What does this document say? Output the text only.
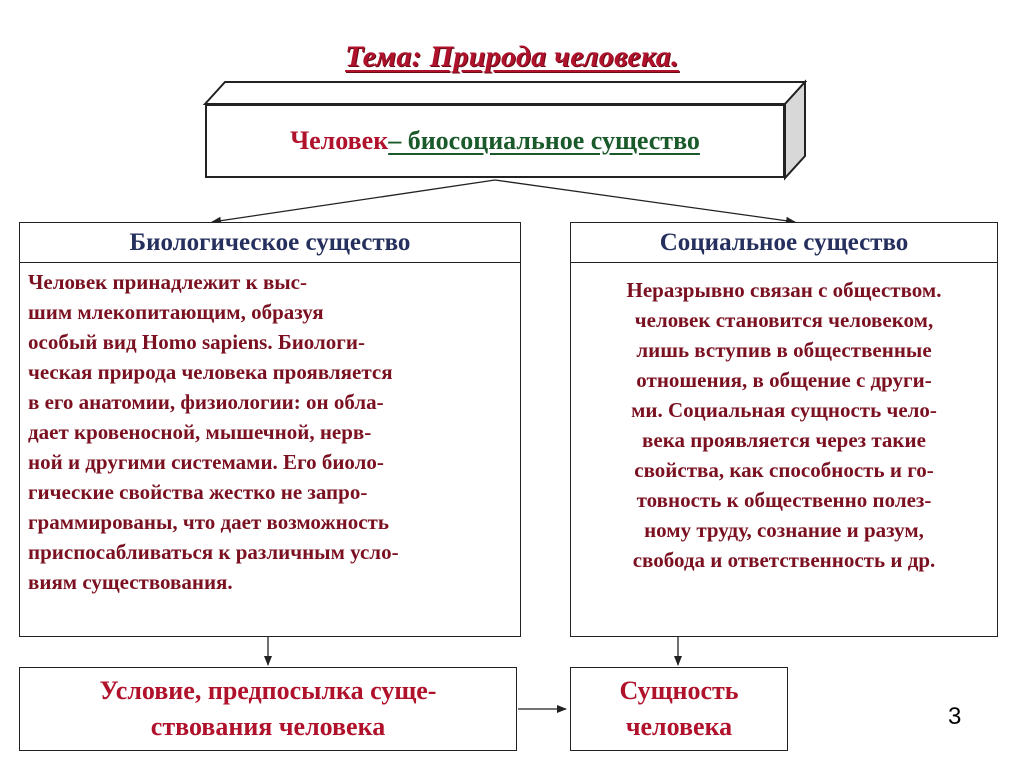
Тема: Природа человека.
Человек – биосоциальное существо
Биологическое существо
Человек принадлежит к выс-
шим млекопитающим, образуя
особый вид Homo sapiens. Биологи-
ческая природа человека проявляется
в его анатомии, физиологии: он обла-
дает кровеносной, мышечной, нерв-
ной и другими системами. Его биоло-
гические свойства жестко не запро-
граммированы, что дает возможность
приспосабливаться к различным усло-
виям существования.
Социальное существо
Неразрывно связан с обществом.
человек становится человеком,
лишь вступив в общественные
отношения, в общение с други-
ми. Социальная сущность чело-
века проявляется через такие
свойства, как способность и го-
товность к общественно полез-
ному труду, сознание и разум,
свобода и ответственность и др.
Условие, предпосылка суще-
ствования человека
Сущность
человека	3
